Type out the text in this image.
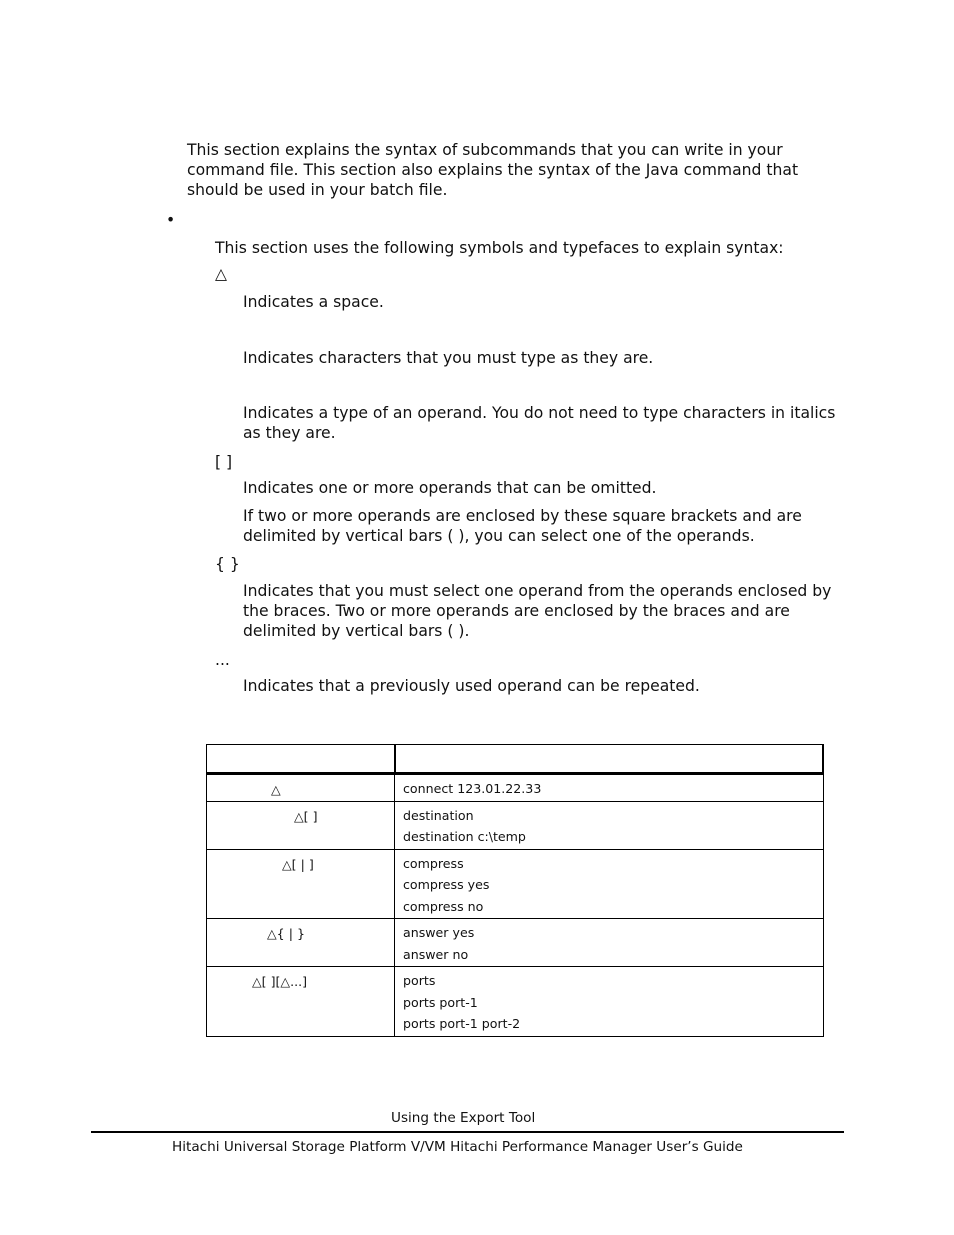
This section explains the syntax of subcommands that you can write in your command file. This section also explains the syntax of the Java command that should be used in your batch file.
•
This section uses the following symbols and typefaces to explain syntax:
△
Indicates a space.
Indicates characters that you must type as they are.
Indicates a type of an operand. You do not need to type characters in italics as they are.
[ ]
Indicates one or more operands that can be omitted.
If two or more operands are enclosed by these square brackets and are delimited by vertical bars ( ), you can select one of the operands.
{ }
Indicates that you must select one operand from the operands enclosed by the braces. Two or more operands are enclosed by the braces and are delimited by vertical bars ( ).
...
Indicates that a previously used operand can be repeated.

△	connect 123.01.22.33

△[ ]	destination
destination c:\temp

△[ | ]	compress
compress yes
compress no

△{ | }	answer yes
answer no

△[ ][△...]	ports
ports port-1
ports port-1 port-2
Using the Export Tool
Hitachi Universal Storage Platform V/VM Hitachi Performance Manager User’s Guide
